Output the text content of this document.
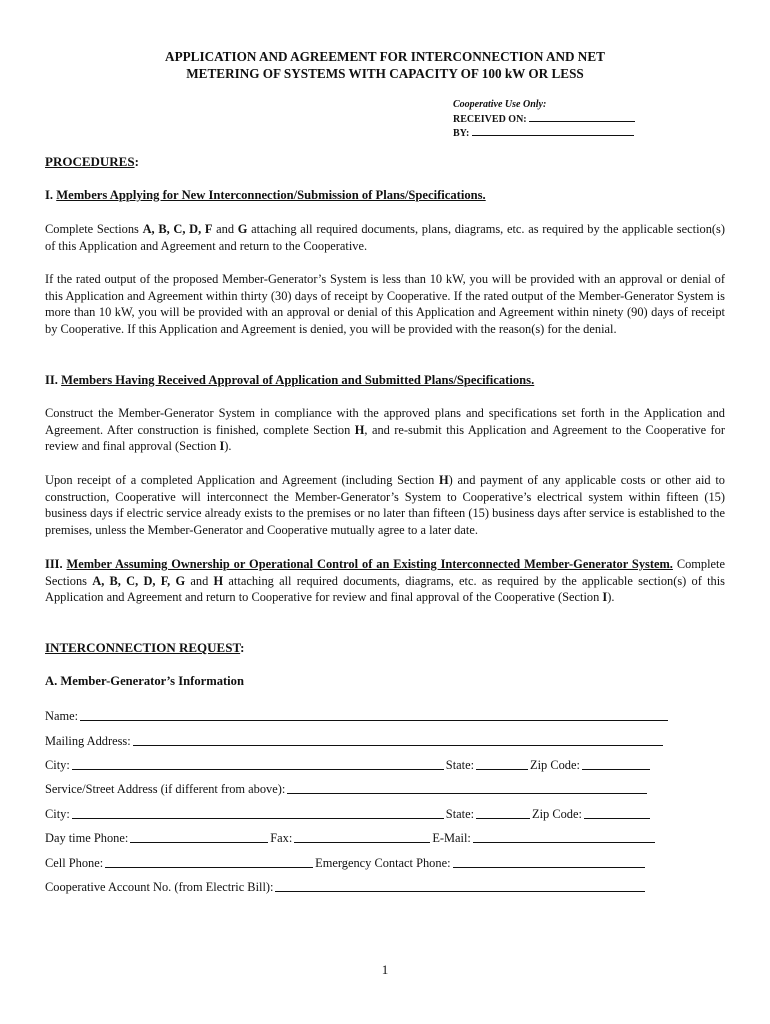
APPLICATION AND AGREEMENT FOR INTERCONNECTION AND NET
METERING OF SYSTEMS WITH CAPACITY OF 100 kW OR LESS
Cooperative Use Only:
RECEIVED ON:
BY:
PROCEDURES:
I. Members Applying for New Interconnection/Submission of Plans/Specifications.
Complete Sections A, B, C, D, F and G attaching all required documents, plans, diagrams, etc. as required by the applicable section(s) of this Application and Agreement and return to the Cooperative.
If the rated output of the proposed Member-Generator’s System is less than 10 kW, you will be provided with an approval or denial of this Application and Agreement within thirty (30) days of receipt by Cooperative. If the rated output of the Member-Generator System is more than 10 kW, you will be provided with an approval or denial of this Application and Agreement within ninety (90) days of receipt by Cooperative. If this Application and Agreement is denied, you will be provided with the reason(s) for the denial.
II. Members Having Received Approval of Application and Submitted Plans/Specifications.
Construct the Member-Generator System in compliance with the approved plans and specifications set forth in the Application and Agreement. After construction is finished, complete Section H, and re-submit this Application and Agreement to the Cooperative for review and final approval (Section I).
Upon receipt of a completed Application and Agreement (including Section H) and payment of any applicable costs or other aid to construction, Cooperative will interconnect the Member-Generator’s System to Cooperative’s electrical system within fifteen (15) business days if electric service already exists to the premises or no later than fifteen (15) business days after service is established to the premises, unless the Member-Generator and Cooperative mutually agree to a later date.
III. Member Assuming Ownership or Operational Control of an Existing Interconnected Member-Generator System. Complete Sections A, B, C, D, F, G and H attaching all required documents, diagrams, etc. as required by the applicable section(s) of this Application and Agreement and return to Cooperative for review and final approval of the Cooperative (Section I).
INTERCONNECTION REQUEST:
A. Member-Generator’s Information
Name:
Mailing Address:
City:	State:	Zip Code:
Service/Street Address (if different from above):
City:	State:	Zip Code:
Day time Phone:	Fax:	E-Mail:
Cell Phone:	Emergency Contact Phone:
Cooperative Account No. (from Electric Bill):
1
